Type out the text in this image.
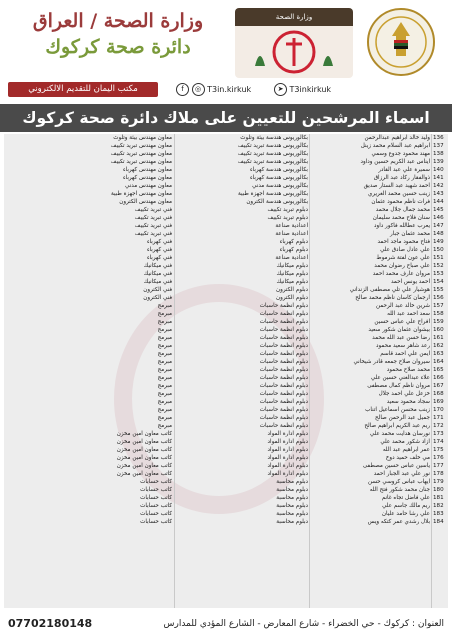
وزارة الصحة
وزارة الصحة / العراق
دائرة صحة كركوك
مكتب اليمان للتقديم الالكتروني	f ◎ T3in.kirkuk	➤ T3inkirkuk
اسماء المرشحين للتعيين على ملاك دائرة صحة كركوك
136
وليد خالد ابراهيم عبدالرحمن
بكالوريوس هندسة بيئة وتلوث
معاون مهندس بيئة وتلوث
137
ابراهيم عبد السلام محمد زينل
بكالوريوس هندسة تبريد تكييف
معاون مهندس تبريد تكييف
138
مهند محمود جدوع وسمي
بكالوريوس هندسة تبريد تكييف
معاون مهندس تبريد تكييف
139
ايناس عبد الكريم حسين وداود
بكالوريوس هندسة تبريد تكييف
معاون مهندس تبريد تكييف
140
سميرة علي عبد القادر
بكالوريوس هندسة كهرباء
معاون مهندس كهرباء
141
ذوالفقار ركاد عبد الرزاق
بكالوريوس هندسة كهرباء
معاون مهندس كهرباء
142
احمد شهيد عبد الستار صديق
بكالوريوس هندسة مدني
معاون مهندس مدني
143
زينب حسين محمد الغريري
بكالوريوس هندسة اجهزة طبية
معاون مهندس اجهزة طبية
144
فرات ناظم محمود عثمان
بكالوريوس هندسة الكترون
معاون مهندس الكترون
145
محمد جمال جلال محمد
دبلوم تبريد تكييف
فني تبريد تكييف
146
سنان فلاح محمد سليمان
دبلوم تبريد تكييف
فني تبريد تكييف
147
يعرب عطالله فاكور داود
اعدادية صناعة
فني تبريد تكييف
148
محمد عثمان جبار
اعدادية صناعة
فني تبريد تكييف
149
فتاح محمود ماجد احمد
دبلوم كهرباء
فني كهرباء
150
علي عادل صادق علي
دبلوم كهرباء
فني كهرباء
151
علي عون لفتة شرموط
اعدادية صناعة
فني كهرباء
152
علي صباح رضوان محمد
دبلوم ميكانيك
فني ميكانيك
153
مروان عارف محمد احمد
دبلوم ميكانيك
فني ميكانيك
154
احمد يونس احمد
دبلوم ميكانيك
فني ميكانيك
155
هوشيار علي تلي مصطفى الزنداني
دبلوم الكترون
فني الكترون
156
ارجمان كاسان ناظم محمد صالح
دبلوم الكترون
فني الكترون
157
شرين خالد عبد الرحمن
دبلوم انظمة حاسبات
مبرمج
158
سعد احمد عبد الله
دبلوم انظمة حاسبات
مبرمج
159
افراح علي عباس حسين
دبلوم انظمة حاسبات
مبرمج
160
بيشوان عثمان شكور سعيد
دبلوم انظمة حاسبات
مبرمج
161
رضا حسن عبد الله محمد
دبلوم انظمة حاسبات
مبرمج
162
رعد شاهر سعيد محمود
دبلوم انظمة حاسبات
مبرمج
163
ايمن علي احمد قاسم
دبلوم انظمة حاسبات
مبرمج
164
سيروان صلاح جمعه قادر شيخاني
دبلوم انظمة حاسبات
مبرمج
165
محمد صلاح محمود
دبلوم انظمة حاسبات
مبرمج
166
علاء عبدالغني حسين علي
دبلوم انظمة حاسبات
مبرمج
167
مروان ناظم كمال مصطفى
دبلوم انظمة حاسبات
مبرمج
168
خزعل علي احمد جلال
دبلوم انظمة حاسبات
مبرمج
169
سجاد محمود سعيد
دبلوم انظمة حاسبات
مبرمج
170
زينب محسن اسماعيل اتناب
دبلوم انظمة حاسبات
مبرمج
171
جميل عبد الرحمن صالح
دبلوم انظمة حاسبات
مبرمج
172
ريم عبد الكريم ابراهيم صالح
دبلوم انظمة حاسبات
مبرمج
173
نورسان هدايت محمد علي
دبلوم ادارة المواد
كاتب معاون امين مخزن
174
ازاد شكور محمد علي
دبلوم ادارة المواد
كاتب معاون امين مخزن
175
عمر ابراهيم عبد الله
دبلوم ادارة المواد
كاتب معاون امين مخزن
176
مي خلف حميد دوخ
دبلوم ادارة المواد
كاتب معاون امين مخزن
177
ياسين عباس حسين مصطفى
دبلوم ادارة المواد
كاتب معاون امين مخزن
178
نور علي عبد الجبار احمد
دبلوم ادارة المواد
كاتب معاون امين مخزن
179
ايهاب عباس كروسي حسن
دبلوم محاسبة
كاتب حسابات
180
جنان محمد شكور فتح الله
دبلوم محاسبة
كاتب حسابات
181
علي فاضل تجاه غانم
دبلوم محاسبة
كاتب حسابات
182
ريم مالك جاسم علي
دبلوم محاسبة
كاتب حسابات
183
علي رشا حامد عليان
دبلوم محاسبة
كاتب حسابات
184
بلال رشدي عمر كتكه ويس
دبلوم محاسبة
كاتب حسابات
العنوان : كركوك - حي الخضراء - شارع المعارض - الشارع المؤدي للمدارس
07702180148
